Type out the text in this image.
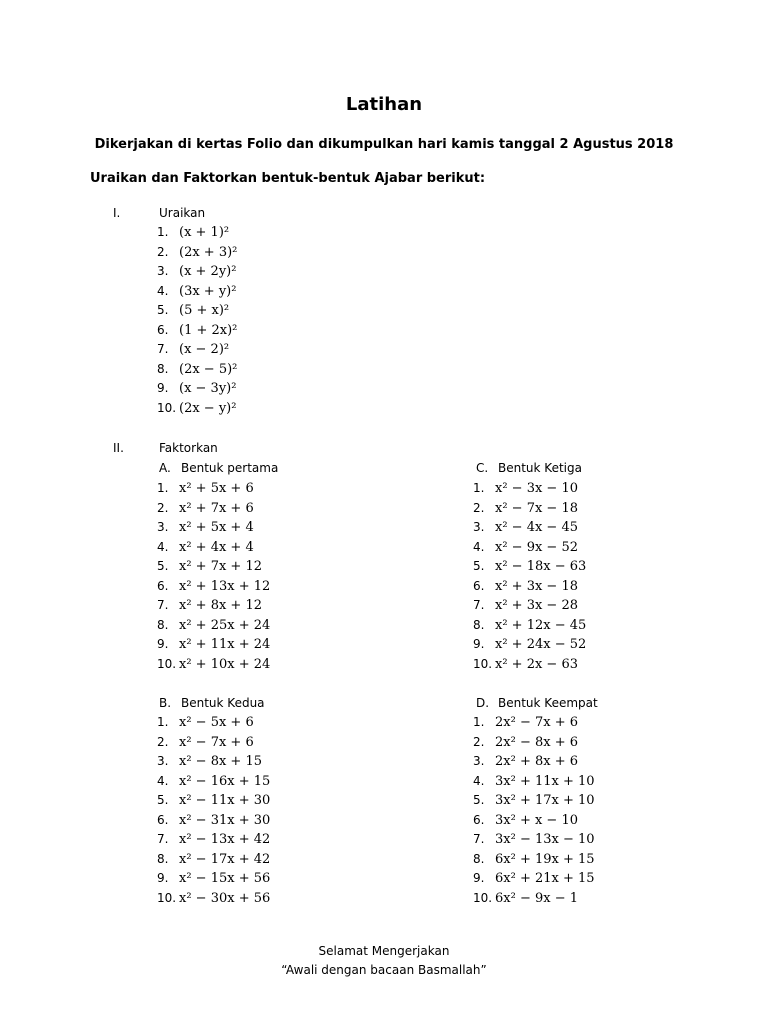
Latihan
Dikerjakan di kertas Folio dan dikumpulkan hari kamis tanggal 2 Agustus 2018
Uraikan dan Faktorkan bentuk-bentuk Ajabar berikut:
I.	Uraikan
1. (x + 1)²
2. (2x + 3)²
3. (x + 2y)²
4. (3x + y)²
5. (5 + x)²
6. (1 + 2x)²
7. (x − 2)²
8. (2x − 5)²
9. (x − 3y)²
10. (2x − y)²
II.	Faktorkan
A. Bentuk pertama
1. x² + 5x + 6
2. x² + 7x + 6
3. x² + 5x + 4
4. x² + 4x + 4
5. x² + 7x + 12
6. x² + 13x + 12
7. x² + 8x + 12
8. x² + 25x + 24
9. x² + 11x + 24
10. x² + 10x + 24
C. Bentuk Ketiga
1. x² − 3x − 10
2. x² − 7x − 18
3. x² − 4x − 45
4. x² − 9x − 52
5. x² − 18x − 63
6. x² + 3x − 18
7. x² + 3x − 28
8. x² + 12x − 45
9. x² + 24x − 52
10. x² + 2x − 63
B. Bentuk Kedua
1. x² − 5x + 6
2. x² − 7x + 6
3. x² − 8x + 15
4. x² − 16x + 15
5. x² − 11x + 30
6. x² − 31x + 30
7. x² − 13x + 42
8. x² − 17x + 42
9. x² − 15x + 56
10. x² − 30x + 56
D. Bentuk Keempat
1. 2x² − 7x + 6
2. 2x² − 8x + 6
3. 2x² + 8x + 6
4. 3x² + 11x + 10
5. 3x² + 17x + 10
6. 3x² + x − 10
7. 3x² − 13x − 10
8. 6x² + 19x + 15
9. 6x² + 21x + 15
10. 6x² − 9x − 1
Selamat Mengerjakan
“Awali dengan bacaan Basmallah”
